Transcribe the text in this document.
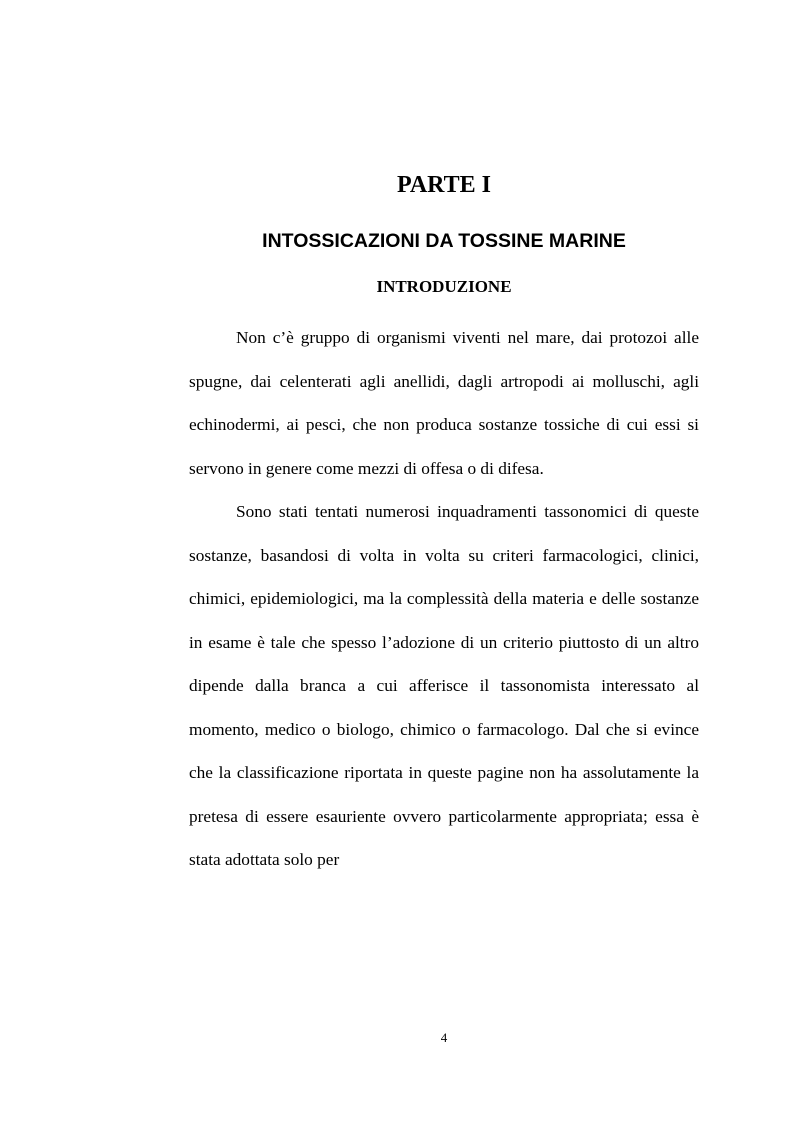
PARTE I
INTOSSICAZIONI DA TOSSINE MARINE
INTRODUZIONE

Non c’è gruppo di organismi viventi nel mare, dai protozoi alle spugne, dai celenterati agli anellidi, dagli artropodi ai molluschi, agli echinodermi, ai pesci, che non produca sostanze tossiche di cui essi si servono in genere come mezzi di offesa o di difesa.

Sono stati tentati numerosi inquadramenti tassonomici di queste sostanze, basandosi di volta in volta su criteri farmacologici, clinici, chimici, epidemiologici, ma la complessità della materia e delle sostanze in esame è tale che spesso l’adozione di un criterio piuttosto di un altro dipende dalla branca a cui afferisce il tassonomista interessato al momento, medico o biologo, chimico o farmacologo. Dal che si evince che la classificazione riportata in queste pagine non ha assolutamente la pretesa di essere esauriente ovvero particolarmente appropriata; essa è stata adottata solo per

4
